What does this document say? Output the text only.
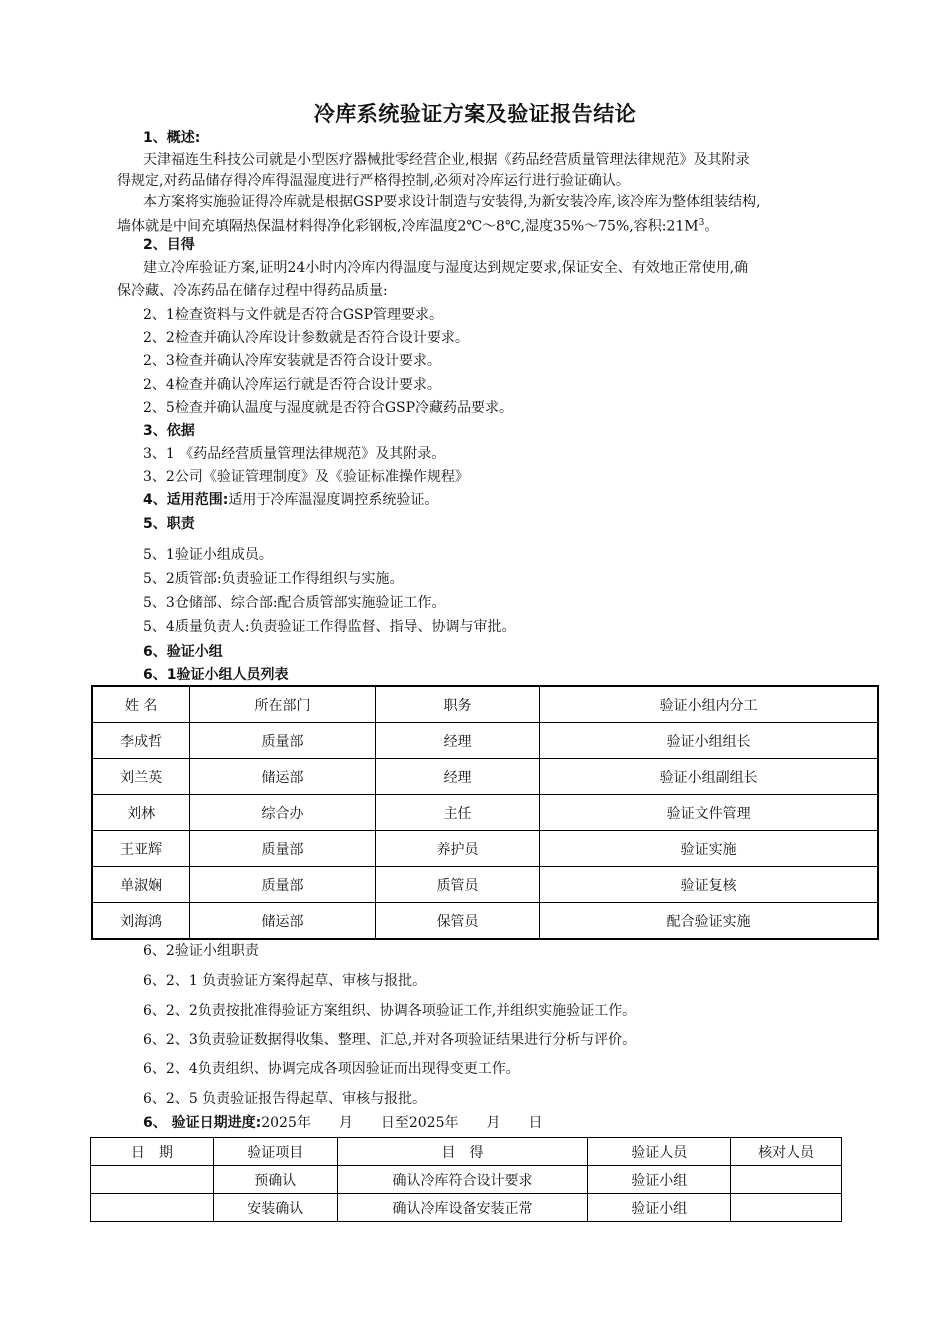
冷库系统验证方案及验证报告结论
1、概述:
天津福连生科技公司就是小型医疗器械批零经营企业,根据《药品经营质量管理法律规范》及其附录
得规定,对药品储存得冷库得温湿度进行严格得控制,必须对冷库运行进行验证确认。
本方案将实施验证得冷库就是根据GSP要求设计制造与安装得,为新安装冷库,该冷库为整体组装结构,
墙体就是中间充填隔热保温材料得净化彩钢板,冷库温度2℃～8℃,湿度35%～75%,容积$:21M^3$。
2、目得
建立冷库验证方案,证明24小时内冷库内得温度与湿度达到规定要求,保证安全、有效地正常使用,确
保冷藏、冷冻药品在储存过程中得药品质量:
2、1检查资料与文件就是否符合GSP管理要求。
2、2检查并确认冷库设计参数就是否符合设计要求。
2、3检查并确认冷库安装就是否符合设计要求。
2、4检查并确认冷库运行就是否符合设计要求。
2、5检查并确认温度与湿度就是否符合GSP冷藏药品要求。
3、依据
3、1 《药品经营质量管理法律规范》及其附录。
3、2公司《验证管理制度》及《验证标准操作规程》
4、适用范围:适用于冷库温湿度调控系统验证。
5、职责
5、1验证小组成员。
5、2质管部:负责验证工作得组织与实施。
5、3仓储部、综合部:配合质管部实施验证工作。
5、4质量负责人:负责验证工作得监督、指导、协调与审批。
6、验证小组
6、1验证小组人员列表
姓 名	所在部门	职务	验证小组内分工
李成哲	质量部	经理	验证小组组长
刘兰英	储运部	经理	验证小组副组长
刘林	综合办	主任	验证文件管理
王亚辉	质量部	养护员	验证实施
单淑娴	质量部	质管员	验证复核
刘海鸿	储运部	保管员	配合验证实施
6、2验证小组职责
6、2、1 负责验证方案得起草、审核与报批。
6、2、2负责按批准得验证方案组织、协调各项验证工作,并组织实施验证工作。
6、2、3负责验证数据得收集、整理、汇总,并对各项验证结果进行分析与评价。
6、2、4负责组织、协调完成各项因验证而出现得变更工作。
6、2、5 负责验证报告得起草、审核与报批。
6、 验证日期进度:2025年　　月　　日至2025年　　月　　日
日　期	验证项目	目　得	验证人员	核对人员
	预确认	确认冷库符合设计要求	验证小组	
	安装确认	确认冷库设备安装正常	验证小组	
